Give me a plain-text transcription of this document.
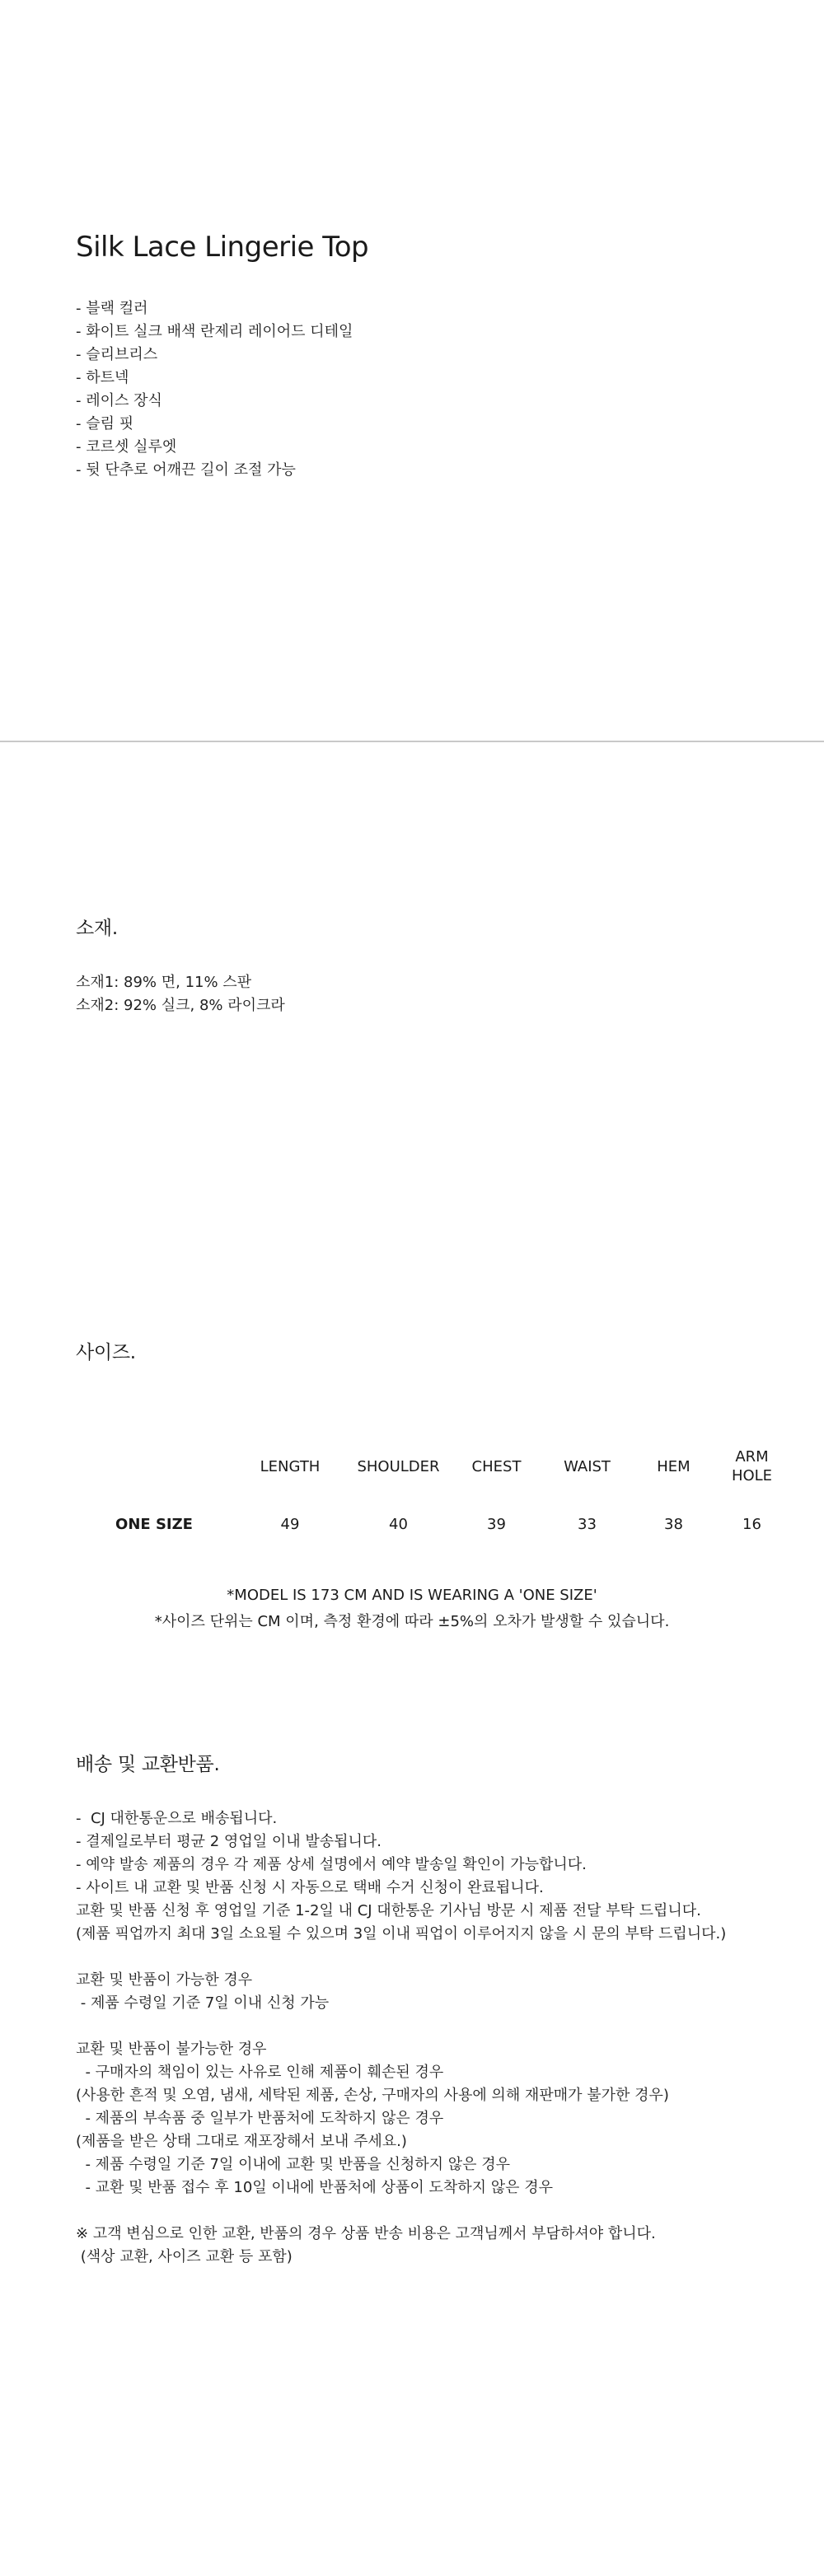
Silk Lace Lingerie Top
- 블랙 컬러
- 화이트 실크 배색 란제리 레이어드 디테일
- 슬리브리스
- 하트넥
- 레이스 장식
- 슬림 핏
- 코르셋 실루엣
- 뒷 단추로 어깨끈 길이 조절 가능
소재.
소재1: 89% 면, 11% 스판
소재2: 92% 실크, 8% 라이크라
사이즈.
	LENGTH	SHOULDER	CHEST	WAIST	HEM	ARM HOLE
ONE SIZE	49	40	39	33	38	16
*MODEL IS 173 CM AND IS WEARING A 'ONE SIZE'
*사이즈 단위는 CM 이며, 측정 환경에 따라 ±5%의 오차가 발생할 수 있습니다.
배송 및 교환반품.
-  CJ 대한통운으로 배송됩니다.
- 결제일로부터 평균 2 영업일 이내 발송됩니다.
- 예약 발송 제품의 경우 각 제품 상세 설명에서 예약 발송일 확인이 가능합니다.
- 사이트 내 교환 및 반품 신청 시 자동으로 택배 수거 신청이 완료됩니다.
교환 및 반품 신청 후 영업일 기준 1-2일 내 CJ 대한통운 기사님 방문 시 제품 전달 부탁 드립니다.
(제품 픽업까지 최대 3일 소요될 수 있으며 3일 이내 픽업이 이루어지지 않을 시 문의 부탁 드립니다.)
교환 및 반품이 가능한 경우
- 제품 수령일 기준 7일 이내 신청 가능
교환 및 반품이 불가능한 경우
- 구매자의 책임이 있는 사유로 인해 제품이 훼손된 경우
(사용한 흔적 및 오염, 냄새, 세탁된 제품, 손상, 구매자의 사용에 의해 재판매가 불가한 경우)
- 제품의 부속품 중 일부가 반품처에 도착하지 않은 경우
(제품을 받은 상태 그대로 재포장해서 보내 주세요.)
- 제품 수령일 기준 7일 이내에 교환 및 반품을 신청하지 않은 경우
- 교환 및 반품 접수 후 10일 이내에 반품처에 상품이 도착하지 않은 경우
※ 고객 변심으로 인한 교환, 반품의 경우 상품 반송 비용은 고객님께서 부담하셔야 합니다.
(색상 교환, 사이즈 교환 등 포함)
